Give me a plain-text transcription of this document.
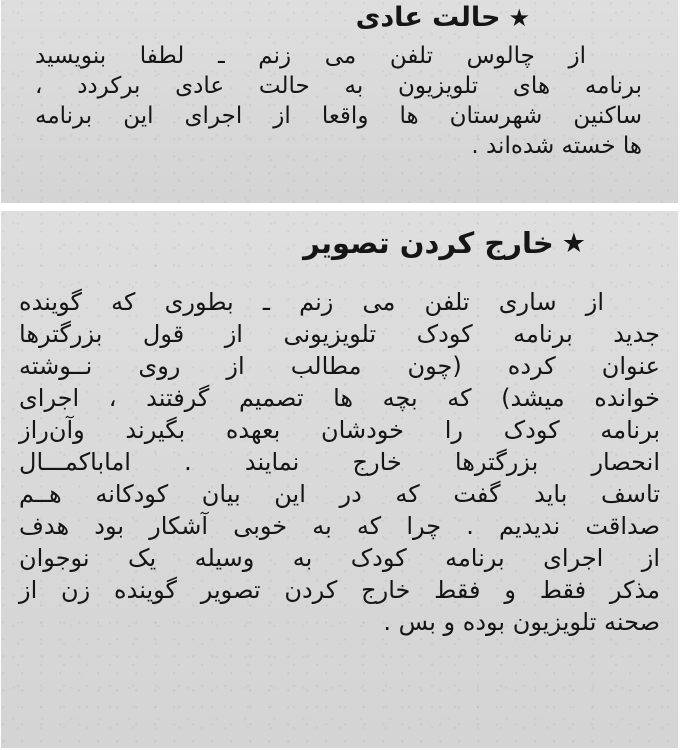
★
حالت عادی
از چالوس تلفن می زنم ـ لطفا بنویسید
برنامه های تلویزیون به حالت عادی برکردد ،
ساکنین شهرستان ها واقعا از اجرای این برنامه
ها خسته شده‌اند .
★
خارج کردن تصویر
از ساری تلفن می زنم ـ بطوری که گوینده
جدید برنامه کودک تلویزیونی از قول بزرگترها
عنوان کرده (چون مطالب از روی نــوشته
خوانده میشد) که بچه ها تصمیم گرفتند ، اجرای
برنامه کودک را خودشان بعهده بگیرند وآن‌راز
انحصار بزرگترها خارج نمایند . امابا‌کمـــال
تاسف باید گفت که در این بیان کودکانه هــم
صداقت ندیدیم . چرا که به خوبی آشکار بود هدف
از اجرای برنامه کودک به وسیله یک نوجوان
مذکر فقط و فقط خارج کردن تصویر گوینده زن از
صحنه تلویزیون بوده و بس .
